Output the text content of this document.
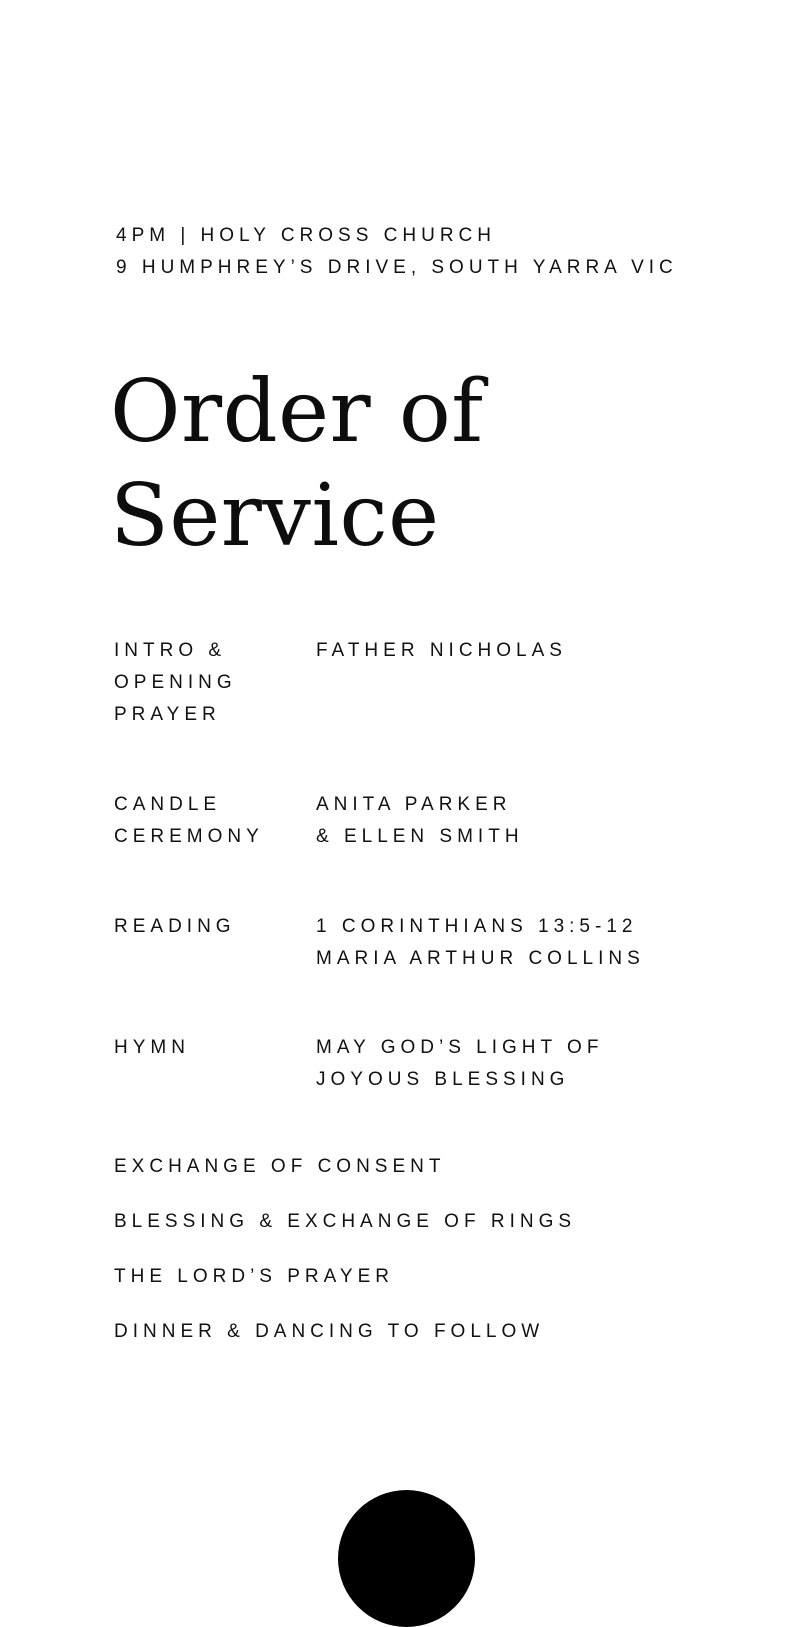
4PM | HOLY CROSS CHURCH
9 HUMPHREY’S DRIVE, SOUTH YARRA VIC
Order of
Service
INTRO &
OPENING
PRAYER
FATHER NICHOLAS
CANDLE
CEREMONY
ANITA PARKER
& ELLEN SMITH
READING	1 CORINTHIANS 13:5-12
MARIA ARTHUR COLLINS
HYMN	MAY GOD’S LIGHT OF
JOYOUS BLESSING
EXCHANGE OF CONSENT
BLESSING & EXCHANGE OF RINGS
THE LORD’S PRAYER
DINNER & DANCING TO FOLLOW
